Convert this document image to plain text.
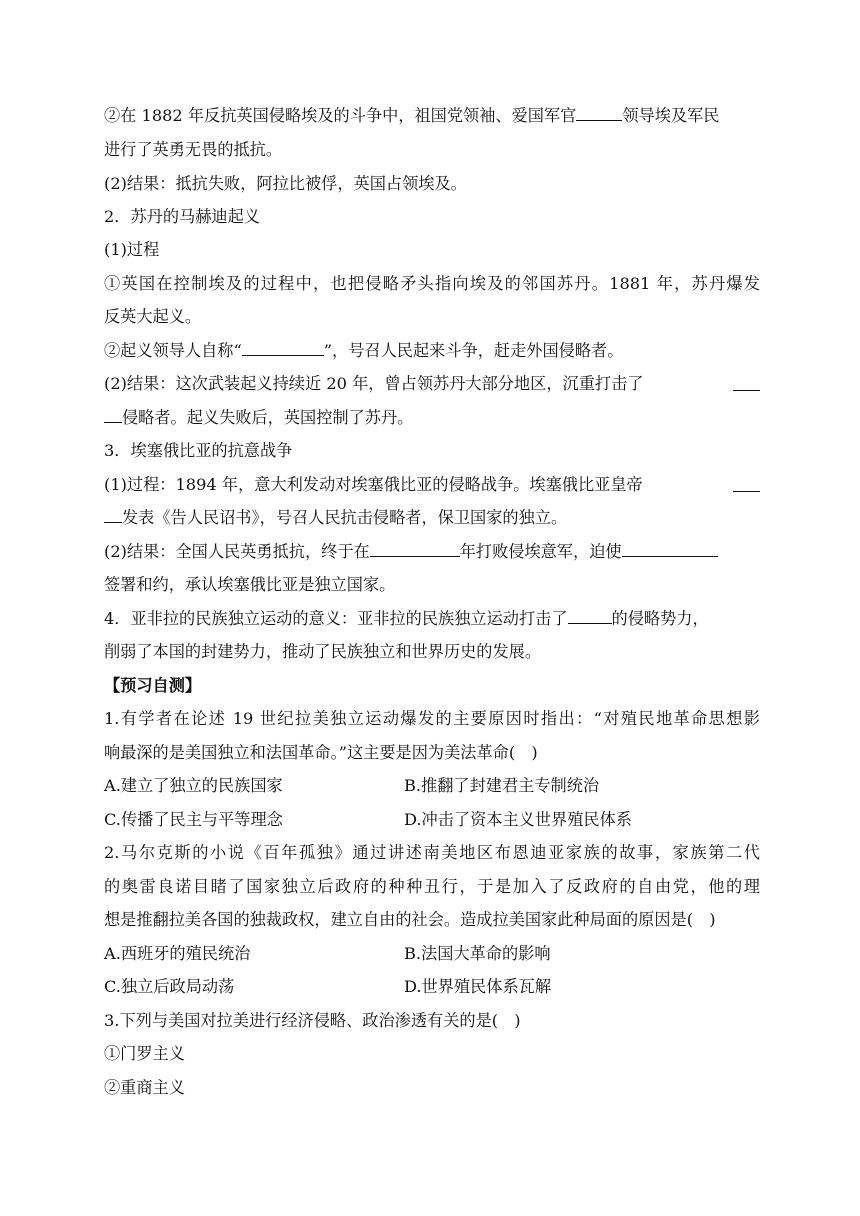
②在 1882 年反抗英国侵略埃及的斗争中，祖国党领袖、爱国军官	领导埃及军民
进行了英勇无畏的抵抗。
(2)结果：抵抗失败，阿拉比被俘，英国占领埃及。
2．苏丹的马赫迪起义
(1)过程
①英国在控制埃及的过程中，也把侵略矛头指向埃及的邻国苏丹。1881 年，苏丹爆发
反英大起义。
②起义领导人自称“	”，号召人民起来斗争，赶走外国侵略者。
(2)结果：这次武装起义持续近 20 年，曾占领苏丹大部分地区，沉重打击了
侵略者。起义失败后，英国控制了苏丹。
3．埃塞俄比亚的抗意战争
(1)过程：1894 年，意大利发动对埃塞俄比亚的侵略战争。埃塞俄比亚皇帝
发表《告人民诏书》，号召人民抗击侵略者，保卫国家的独立。
(2)结果：全国人民英勇抵抗，终于在	年打败侵埃意军，迫使
签署和约，承认埃塞俄比亚是独立国家。
4．亚非拉的民族独立运动的意义：亚非拉的民族独立运动打击了	的侵略势力，
削弱了本国的封建势力，推动了民族独立和世界历史的发展。
【预习自测】
1.有学者在论述 19 世纪拉美独立运动爆发的主要原因时指出：“对殖民地革命思想影
响最深的是美国独立和法国革命。”这主要是因为美法革命(　)
A.建立了独立的民族国家	B.推翻了封建君主专制统治
C.传播了民主与平等理念	D.冲击了资本主义世界殖民体系
2.马尔克斯的小说《百年孤独》通过讲述南美地区布恩迪亚家族的故事，家族第二代
的奥雷良诺目睹了国家独立后政府的种种丑行，于是加入了反政府的自由党，他的理
想是推翻拉美各国的独裁政权，建立自由的社会。造成拉美国家此种局面的原因是(　)
A.西班牙的殖民统治	B.法国大革命的影响
C.独立后政局动荡	D.世界殖民体系瓦解
3.下列与美国对拉美进行经济侵略、政治渗透有关的是(　)
①门罗主义
②重商主义
